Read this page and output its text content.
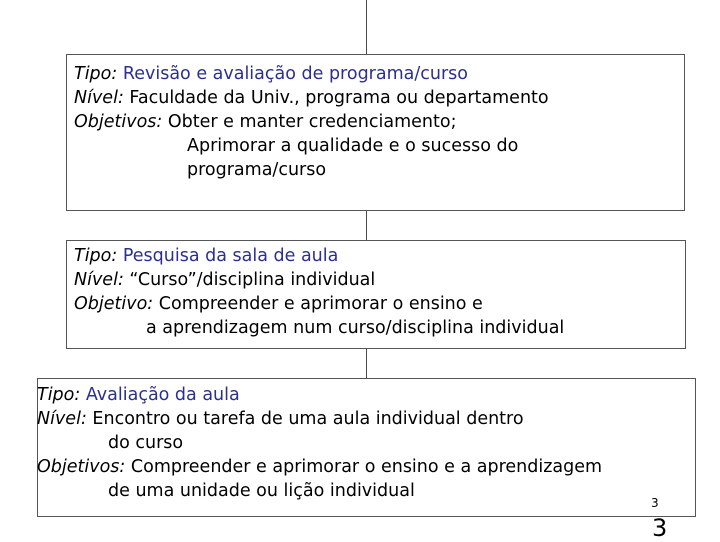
Tipo: Revisão e avaliação de programa/curso
Nível: Faculdade da Univ., programa ou departamento
Objetivos: Obter e manter credenciamento;
Aprimorar a qualidade e o sucesso do
programa/curso
Tipo: Pesquisa da sala de aula
Nível: “Curso”/disciplina individual
Objetivo: Compreender e aprimorar o ensino e
a aprendizagem num curso/disciplina individual
Tipo: Avaliação da aula
Nível: Encontro ou tarefa de uma aula individual dentro
do curso
Objetivos: Compreender e aprimorar o ensino e a aprendizagem
de uma unidade ou lição individual
3
3
